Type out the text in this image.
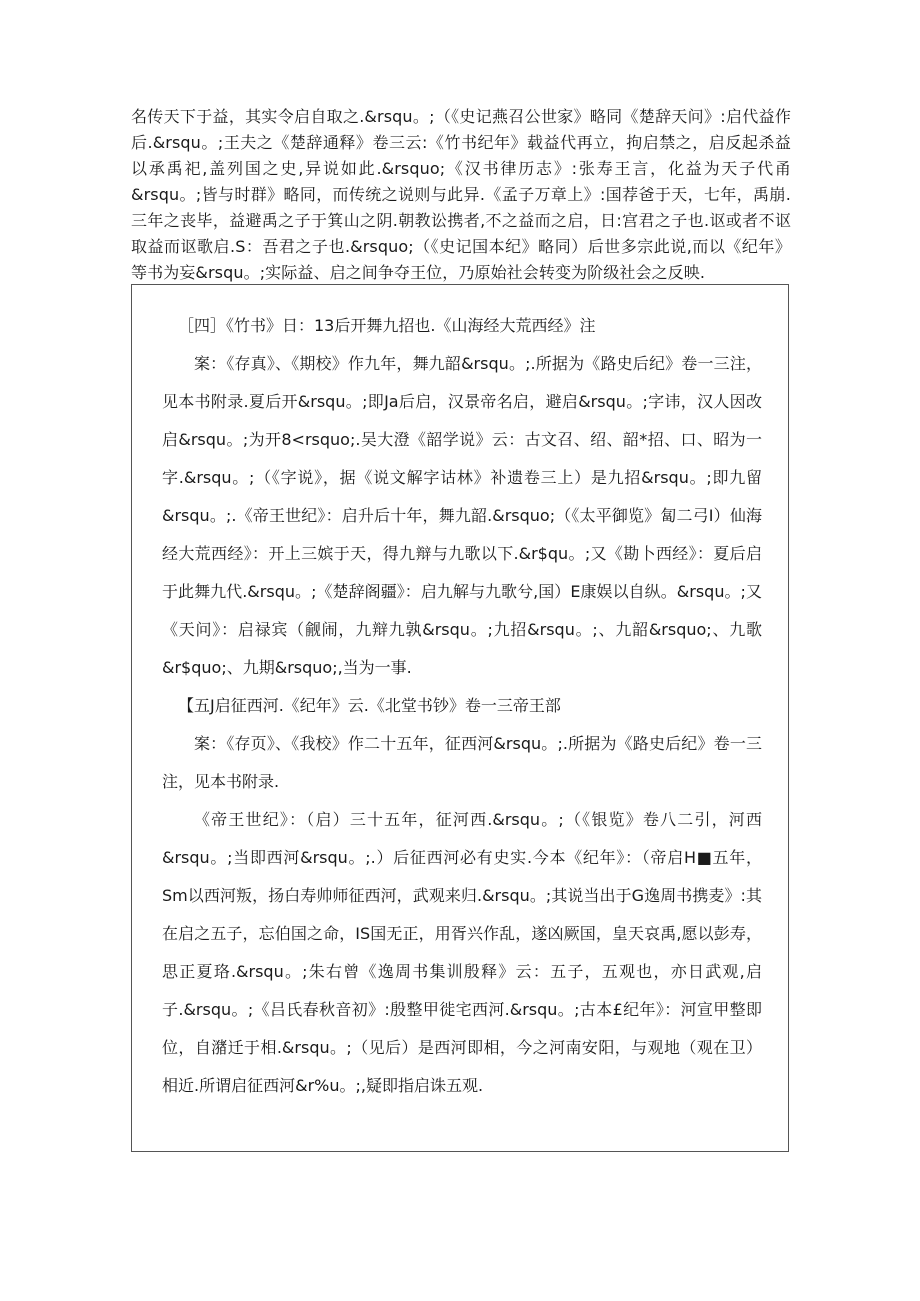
名传天下于益，其实令启自取之.&rsqu。;（《史记燕召公世家》略同《楚辞天问》:启代益作后.&rsqu。;王夫之《楚辞通释》卷三云:《竹书纪年》载益代再立，拘启禁之，启反起杀益以承禹祀,盖列国之史,异说如此.&rsquo;《汉书律历志》:张寿王言，化益为天子代甬&rsqu。;皆与时群》略同，而传统之说则与此异.《孟子万章上》:国荐爸于天，七年，禹崩.三年之丧毕，益避禹之子于箕山之阴.朝教讼携者,不之益而之启，日:宫君之子也.讴或者不讴取益而讴歌启.S：吾君之子也.&rsquo;（《史记国本纪》略同）后世多宗此说,而以《纪年》等书为妄&rsqu。;实际益、启之间争夺王位，乃原始社会转变为阶级社会之反映.

［四］《竹书》日：13后开舞九招也.《山海经大荒西经》注

案：《存真》、《期校》作九年，舞九韶&rsqu。;.所据为《路史后纪》卷一三注，见本书附录.夏后开&rsqu。;即Ja后启，汉景帝名启，避启&rsqu。;字讳，汉人因改启&rsqu。;为开8<rsquo;.吴大澄《韶学说》云：古文召、绍、韶*招、口、昭为一字.&rsqu。;（《字说》，据《说文解字诂林》补遗卷三上）是九招&rsqu。;即九留&rsqu。;.《帝王世纪》：启升后十年，舞九韶.&rsquo;（《太平御览》匐二弓I）仙海经大荒西经》：开上三嫔于天，得九辩与九歌以下.&r$qu。;又《勘卜西经》：夏后启于此舞九代.&rsqu。;《楚辞阁疆》：启九解与九歌兮,国）E康娱以自纵。&rsqu。;又《天问》：启禄宾（觎闹，九辩九孰&rsqu。;九招&rsqu。;、九韶&rsquo;、九歌&r$quo;、九期&rsquo;,当为一事.

【五J启征西河.《纪年》云.《北堂书钞》卷一三帝王部

案：《存页》、《我校》作二十五年，征西河&rsqu。;.所据为《路史后纪》卷一三注，见本书附录.

《帝王世纪》：（启）三十五年，征河西.&rsqu。;（《银览》卷八二引，河西&rsqu。;当即西河&rsqu。;.）后征西河必有史实.今本《纪年》：（帝启H■五年，Sm以西河叛，扬白寿帅师征西河，武观来归.&rsqu。;其说当出于G逸周书携麦》:其在启之五子，忘伯国之命，IS国无正，用胥兴作乱，遂凶厥国，皇天哀禹,愿以彭寿，思正夏珞.&rsqu。;朱右曾《逸周书集训殷释》云：五子，五观也，亦日武观,启子.&rsqu。;《吕氏春秋音初》:殷整甲徙宅西河.&rsqu。;古本£纪年》：河宣甲整即位，自潴迁于相.&rsqu。;（见后）是西河即相，今之河南安阳，与观地（观在卫）相近.所谓启征西河&r%u。;,疑即指启诛五观.
